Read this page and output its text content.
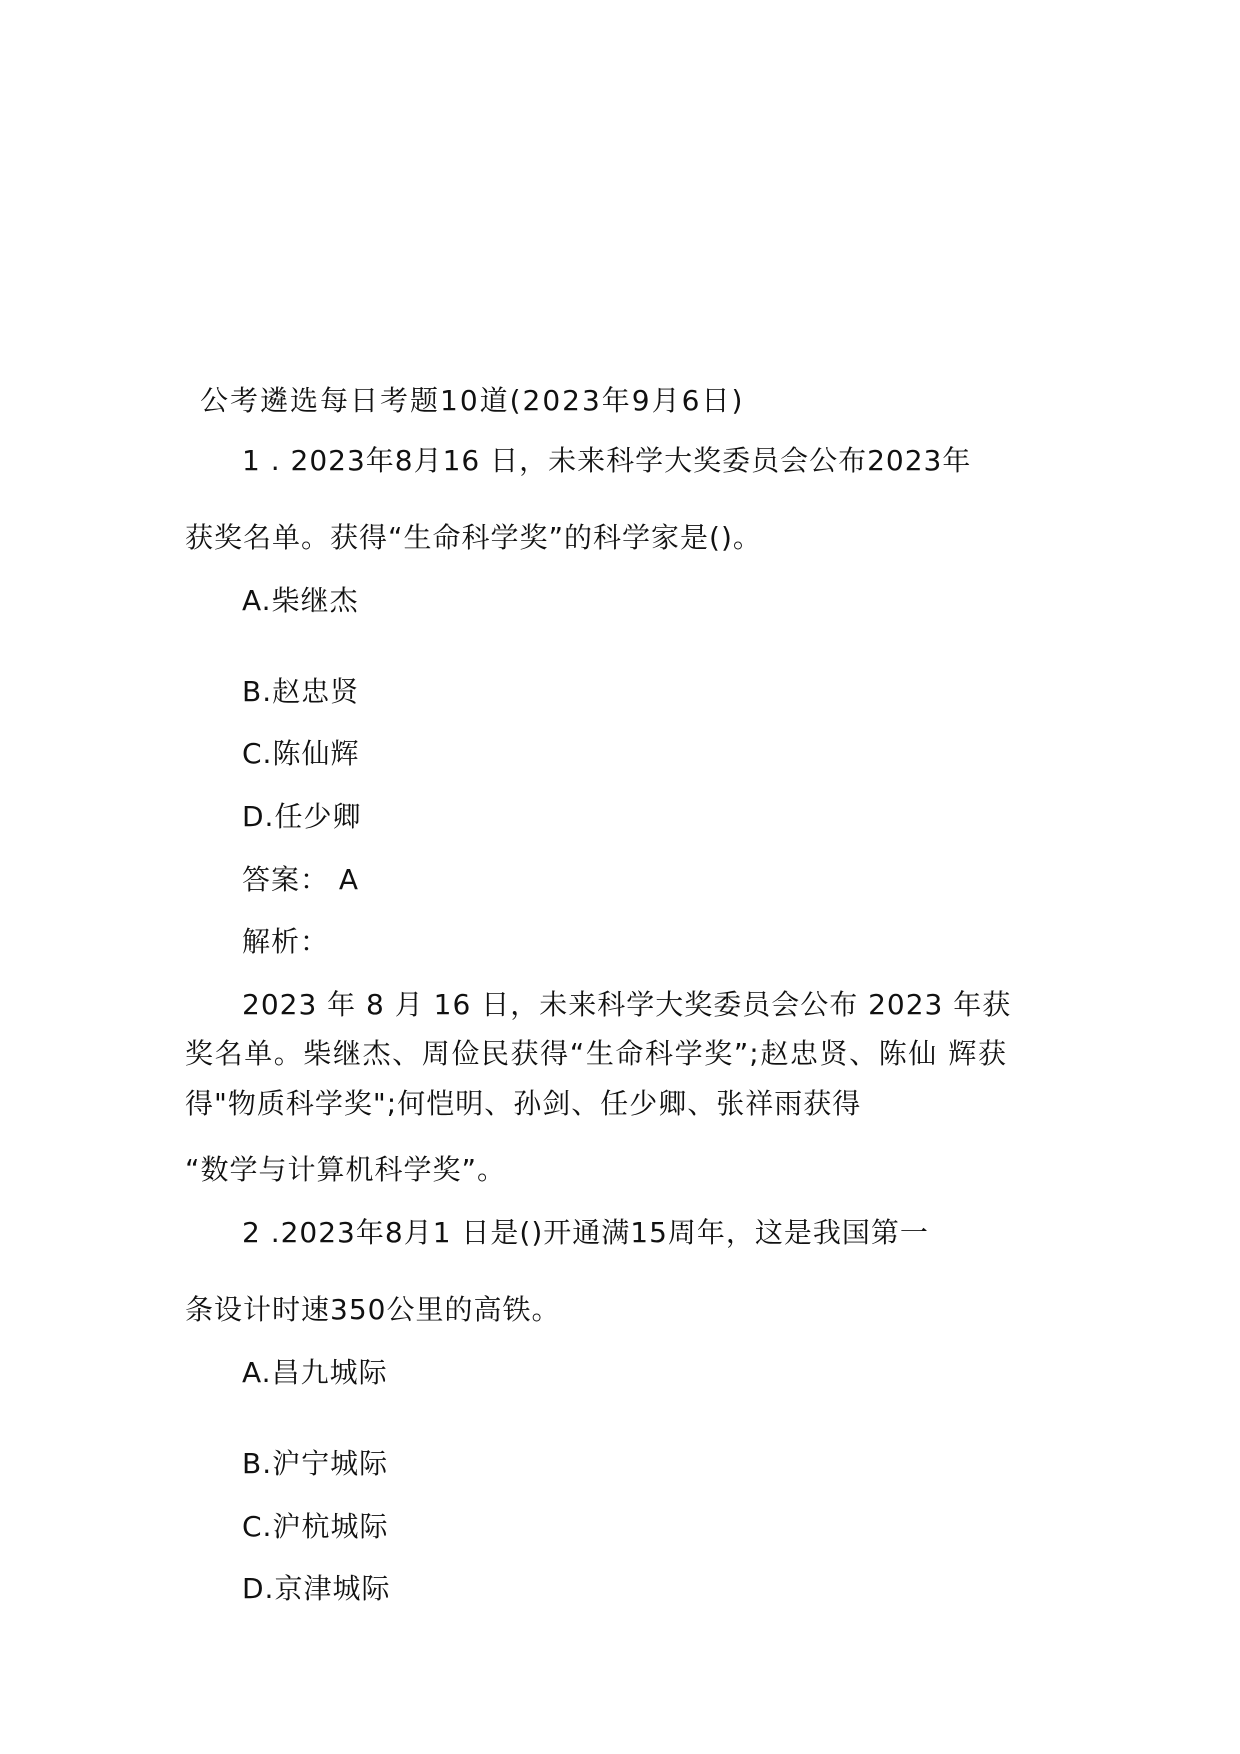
公考遴选每日考题10道(2023年9月6日)
1 . 2023年8月16 日，未来科学大奖委员会公布2023年
获奖名单。获得“生命科学奖”的科学家是()。
A.柴继杰
B.赵忠贤
C.陈仙辉
D.任少卿
答案： A
解析：
2023 年 8 月 16 日，未来科学大奖委员会公布 2023 年获
奖名单。柴继杰、周俭民获得“生命科学奖”;赵忠贤、陈仙 辉获
得"物质科学奖";何恺明、孙剑、任少卿、张祥雨获得
“数学与计算机科学奖”。
2 .2023年8月1 日是()开通满15周年，这是我国第一
条设计时速350公里的高铁。
A.昌九城际
B.沪宁城际
C.沪杭城际
D.京津城际
